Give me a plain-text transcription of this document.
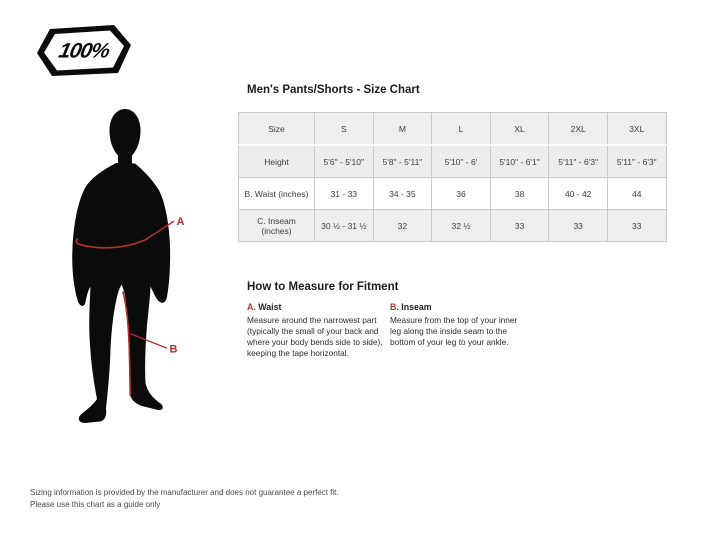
100%
A
B
Men's Pants/Shorts - Size Chart
Size	S	M	L	XL	2XL	3XL
Height	5'6" - 5'10"	5'8" - 5'11"	5'10" - 6'	5'10" - 6'1"	5'11" - 6'3"	5'11" - 6'3"
B. Waist (inches)	31 - 33	34 - 35	36	38	40 - 42	44
C. Inseam (inches)	30 ½ - 31 ½	32	32 ½	33	33	33
How to Measure for Fitment
A. Waist
Measure around the narrowest part (typically the small of your back and where your body bends side to side), keeping the tape horizontal.
B. Inseam
Measure from the top of your inner leg along the inside seam to the bottom of your leg to your ankle.
Sizing information is provided by the manufacturer and does not guarantee a perfect fit.
Please use this chart as a guide only
